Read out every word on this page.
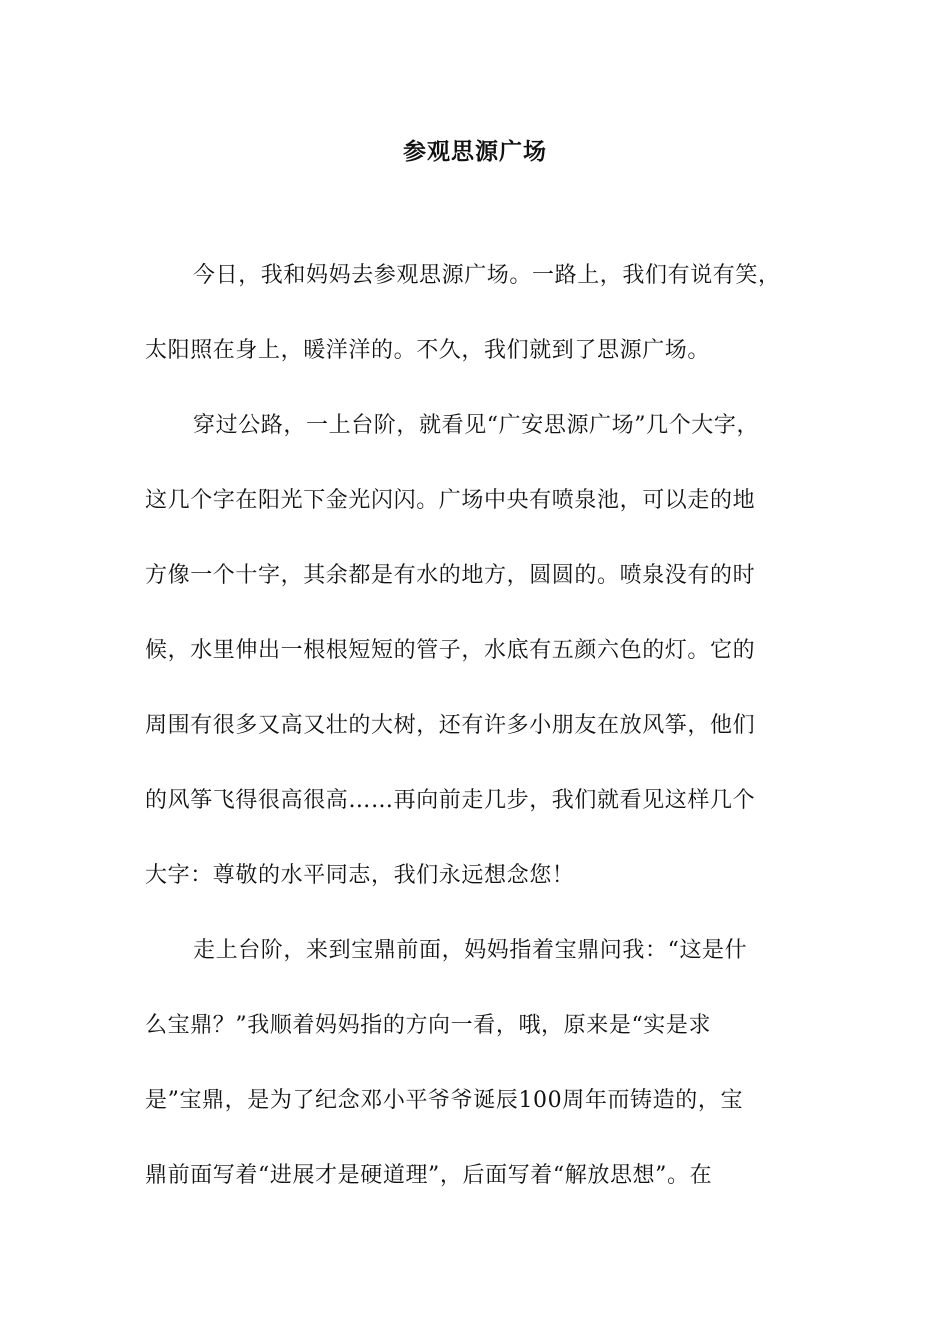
参观思源广场
今日，我和妈妈去参观思源广场。一路上，我们有说有笑，
太阳照在身上，暖洋洋的。不久，我们就到了思源广场。
穿过公路，一上台阶，就看见“广安思源广场”几个大字，
这几个字在阳光下金光闪闪。广场中央有喷泉池，可以走的地
方像一个十字，其余都是有水的地方，圆圆的。喷泉没有的时
候，水里伸出一根根短短的管子，水底有五颜六色的灯。它的
周围有很多又高又壮的大树，还有许多小朋友在放风筝，他们
的风筝飞得很高很高……再向前走几步，我们就看见这样几个
大字：尊敬的水平同志，我们永远想念您！
走上台阶，来到宝鼎前面，妈妈指着宝鼎问我：“这是什
么宝鼎？”我顺着妈妈指的方向一看，哦，原来是“实是求
是”宝鼎，是为了纪念邓小平爷爷诞辰100周年而铸造的，宝
鼎前面写着“进展才是硬道理”，后面写着“解放思想”。在
